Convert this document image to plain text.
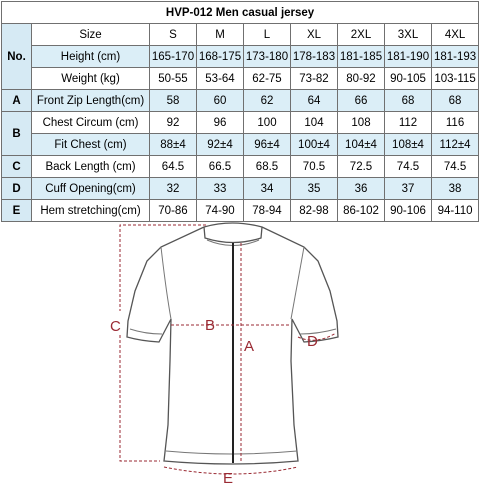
HVP-012 Men casual jersey								
No.	Size	S	M	L	XL	2XL	3XL	4XL
	Height (cm)	165-170	168-175	173-180	178-183	181-185	181-190	181-193
	Weight (kg)	50-55	53-64	62-75	73-82	80-92	90-105	103-115
A	Front Zip Length(cm)	58	60	62	64	66	68	68
B	Chest Circum (cm)	92	96	100	104	108	112	116
	Fit Chest (cm)	88±4	92±4	96±4	100±4	104±4	108±4	112±4
C	Back Length (cm)	64.5	66.5	68.5	70.5	72.5	74.5	74.5
D	Cuff Opening(cm)	32	33	34	35	36	37	38
E	Hem stretching(cm)	70-86	74-90	78-94	82-98	86-102	90-106	94-110
A
B
C
D
E
